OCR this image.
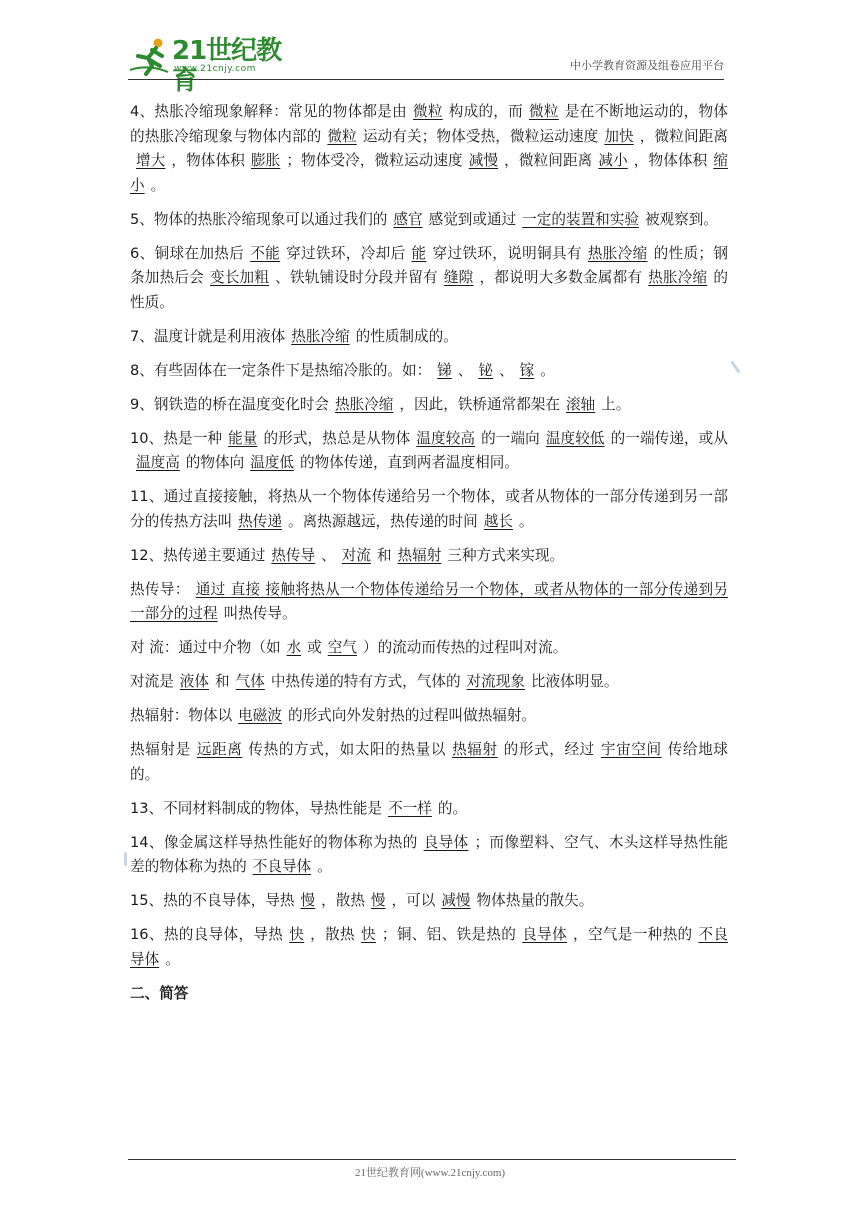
21世纪教育
www.21cnjy.com	中小学教育资源及组卷应用平台

4、热胀冷缩现象解释：常见的物体都是由 微粒 构成的，而 微粒 是在不断地运动的，物体的热胀冷缩现象与物体内部的 微粒 运动有关；物体受热，微粒运动速度 加快 ，微粒间距离增大 ，物体体积 膨胀 ；物体受冷，微粒运动速度 减慢 ，微粒间距离 减小 ，物体体积 缩小 。

5、物体的热胀冷缩现象可以通过我们的 感官 感觉到或通过 一定的装置和实验 被观察到。

6、铜球在加热后 不能 穿过铁环，冷却后 能 穿过铁环，说明铜具有 热胀冷缩 的性质；钢条加热后会 变长加粗 、铁轨铺设时分段并留有 缝隙 ，都说明大多数金属都有 热胀冷缩 的性质。

7、温度计就是利用液体 热胀冷缩 的性质制成的。

8、有些固体在一定条件下是热缩冷胀的。如： 锑 、 铋 、 镓 。

9、钢铁造的桥在温度变化时会 热胀冷缩 ，因此，铁桥通常都架在 滚轴 上。

10、热是一种 能量 的形式，热总是从物体 温度较高 的一端向 温度较低 的一端传递，或从温度高 的物体向 温度低 的物体传递，直到两者温度相同。

11、通过直接接触，将热从一个物体传递给另一个物体，或者从物体的一部分传递到另一部分的传热方法叫 热传递 。离热源越远，热传递的时间 越长 。

12、热传递主要通过 热传导 、 对流 和 热辐射 三种方式来实现。

热传导： 通过 直接 接触将热从一个物体传递给另一个物体，或者从物体的一部分传递到另一部分的过程 叫热传导。

对 流：通过中介物（如 水 或 空气 ）的流动而传热的过程叫对流。

对流是 液体 和 气体 中热传递的特有方式，气体的 对流现象 比液体明显。

热辐射：物体以 电磁波 的形式向外发射热的过程叫做热辐射。

热辐射是 远距离 传热的方式，如太阳的热量以 热辐射 的形式，经过 宇宙空间 传给地球的。

13、不同材料制成的物体，导热性能是 不一样 的。

14、像金属这样导热性能好的物体称为热的 良导体 ；而像塑料、空气、木头这样导热性能差的物体称为热的 不良导体 。

15、热的不良导体，导热 慢 ，散热 慢 ，可以 减慢 物体热量的散失。

16、热的良导体，导热 快 ，散热 快 ；铜、铝、铁是热的 良导体 ，空气是一种热的 不良导体 。

二、简答

21世纪教育网(www.21cnjy.com)
